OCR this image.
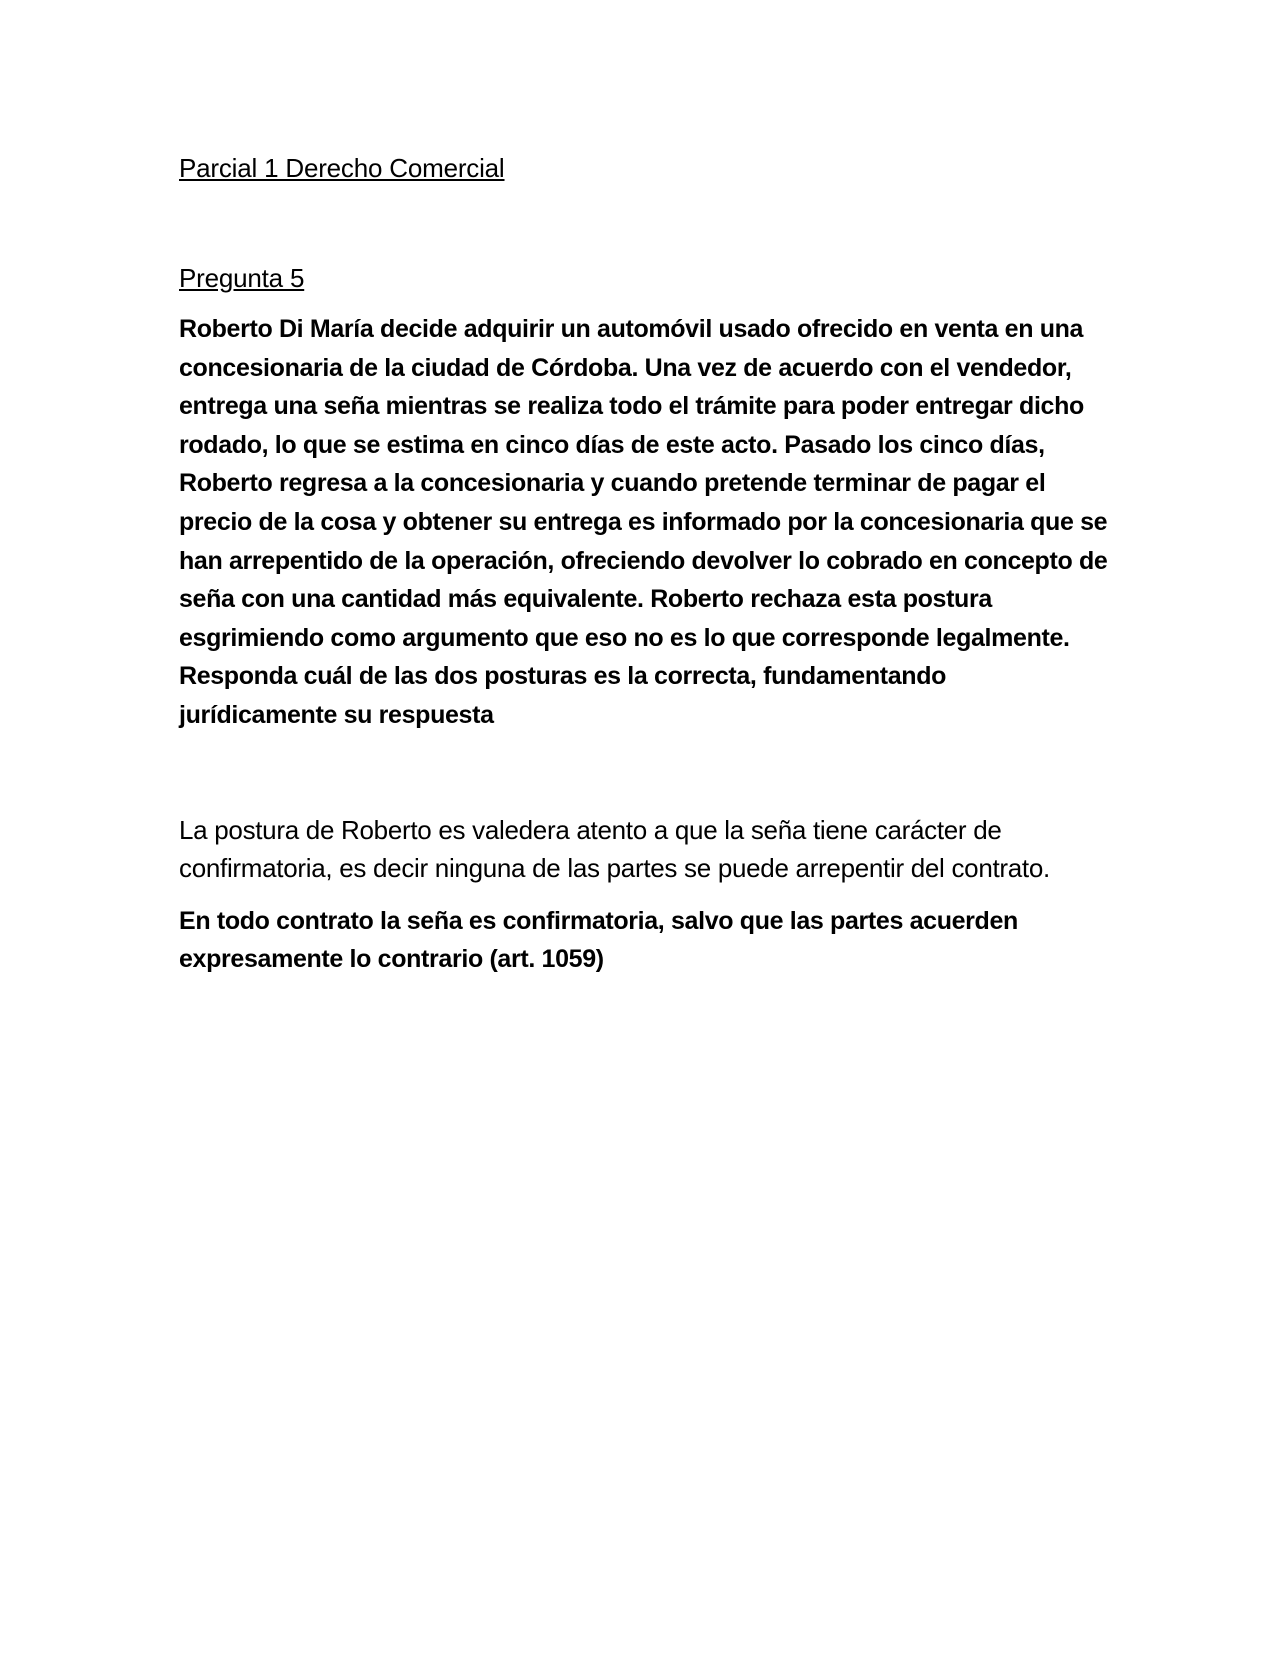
Parcial 1 Derecho Comercial

Pregunta 5

Roberto Di María decide adquirir un automóvil usado ofrecido en venta en una concesionaria de la ciudad de Córdoba. Una vez de acuerdo con el vendedor, entrega una seña mientras se realiza todo el trámite para poder entregar dicho rodado, lo que se estima en cinco días de este acto. Pasado los cinco días, Roberto regresa a la concesionaria y cuando pretende terminar de pagar el precio de la cosa y obtener su entrega es informado por la concesionaria que se han arrepentido de la operación, ofreciendo devolver lo cobrado en concepto de seña con una cantidad más equivalente. Roberto rechaza esta postura esgrimiendo como argumento que eso no es lo que corresponde legalmente. Responda cuál de las dos posturas es la correcta, fundamentando jurídicamente su respuesta

La postura de Roberto es valedera atento a que la seña tiene carácter de confirmatoria, es decir ninguna de las partes se puede arrepentir del contrato.

En todo contrato la seña es confirmatoria, salvo que las partes acuerden expresamente lo contrario (art. 1059)
